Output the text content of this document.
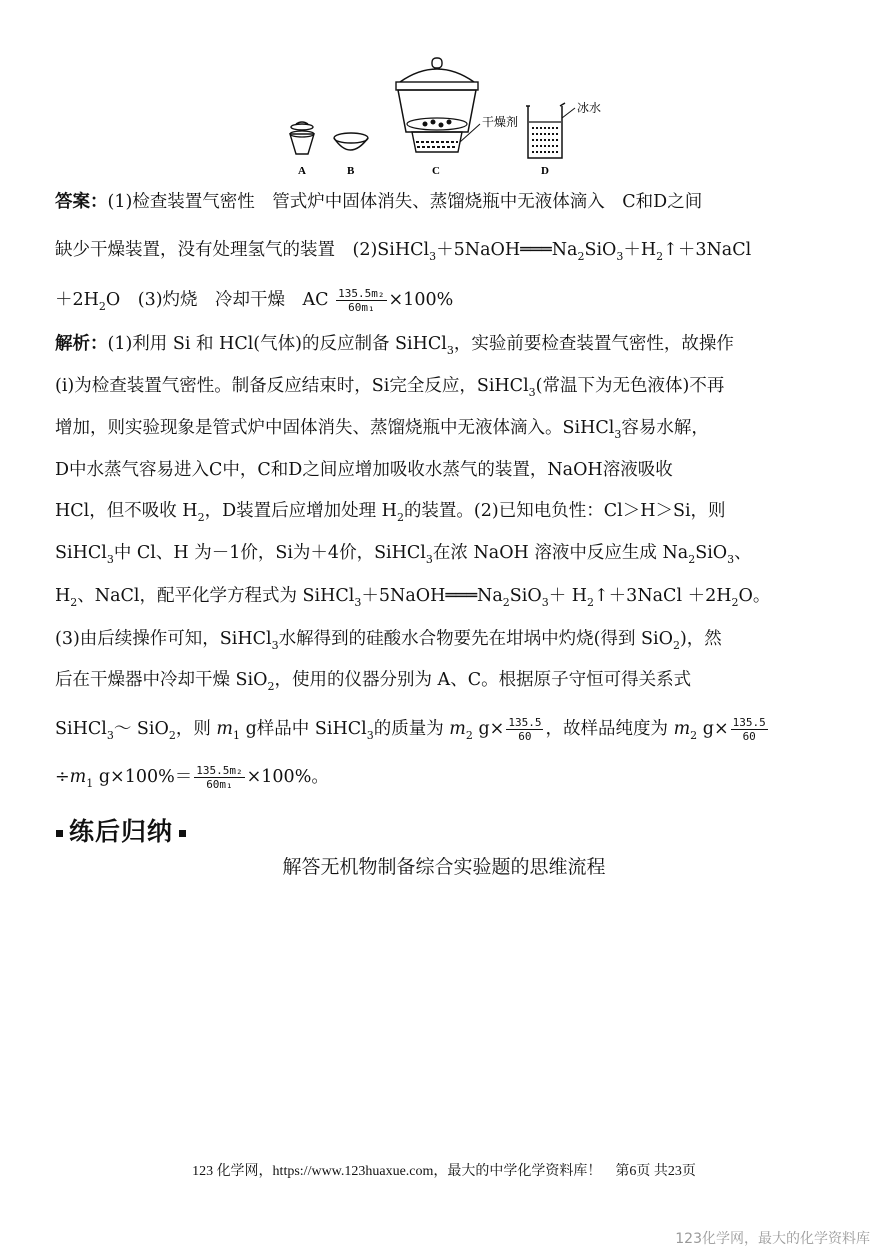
A	B	C
干燥剂
冰水
D
答案：(1)检查装置气密性　管式炉中固体消失、蒸馏烧瓶中无液体滴入　C和D之间
缺少干燥装置，没有处理氢气的装置　$(2)SiHCl_3+5NaOH═══Na_2SiO_3+H_2↑+3NaCl$
$+2H_2O$　(3)灼烧　冷却干燥　AC $\frac{\text{135.5m₂}}{\text{60m₁}} \times 100\%$
解析：(1)利用 Si 和 HCl(气体)的反应制备 SiHCl$_3$，实验前要检查装置气密性，故操作
(i)为检查装置气密性。制备反应结束时，Si完全反应，SiHCl$_3$(常温下为无色液体)不再
增加，则实验现象是管式炉中固体消失、蒸馏烧瓶中无液体滴入。SiHCl$_3$容易水解，
D中水蒸气容易进入C中，C和D之间应增加吸收水蒸气的装置，NaOH溶液吸收
HCl，但不吸收 $H_2$，D装置后应增加处理 $H_2$的装置。(2)已知电负性：Cl＞H＞Si，则
SiHCl$_3$中 Cl、H 为－1价，Si为＋4价，SiHCl$_3$在浓 NaOH 溶液中反应生成 $Na_2SiO_3$、
$H_2$、NaCl，配平化学方程式为 $SiHCl_3+5NaOH═══Na_2SiO_3+$ $H_2↑+3NaCl +2H_2O$。
(3)由后续操作可知，SiHCl$_3$水解得到的硅酸水合物要先在坩埚中灼烧(得到 SiO$_2$)，然
后在干燥器中冷却干燥 SiO$_2$，使用的仪器分别为 A、C。根据原子守恒可得关系式
SiHCl$_3$～ SiO$_2$，则 $m_1$ g样品中 SiHCl$_3$的质量为 $m_2$ $g\times \frac{135.5}{60}$ ，故样品纯度为 $m_2$ $g\times \frac{135.5}{60}$
$\div m_1$ $g\times 100\%= \frac{\text{135.5m₂}}{\text{60m₁}} \times 100\%$。
练后归纳
解答无机物制备综合实验题的思维流程
123 化学网，https://www.123huaxue.com，最大的中学化学资料库！　第6页 共23页
123化学网，最大的化学资料库
